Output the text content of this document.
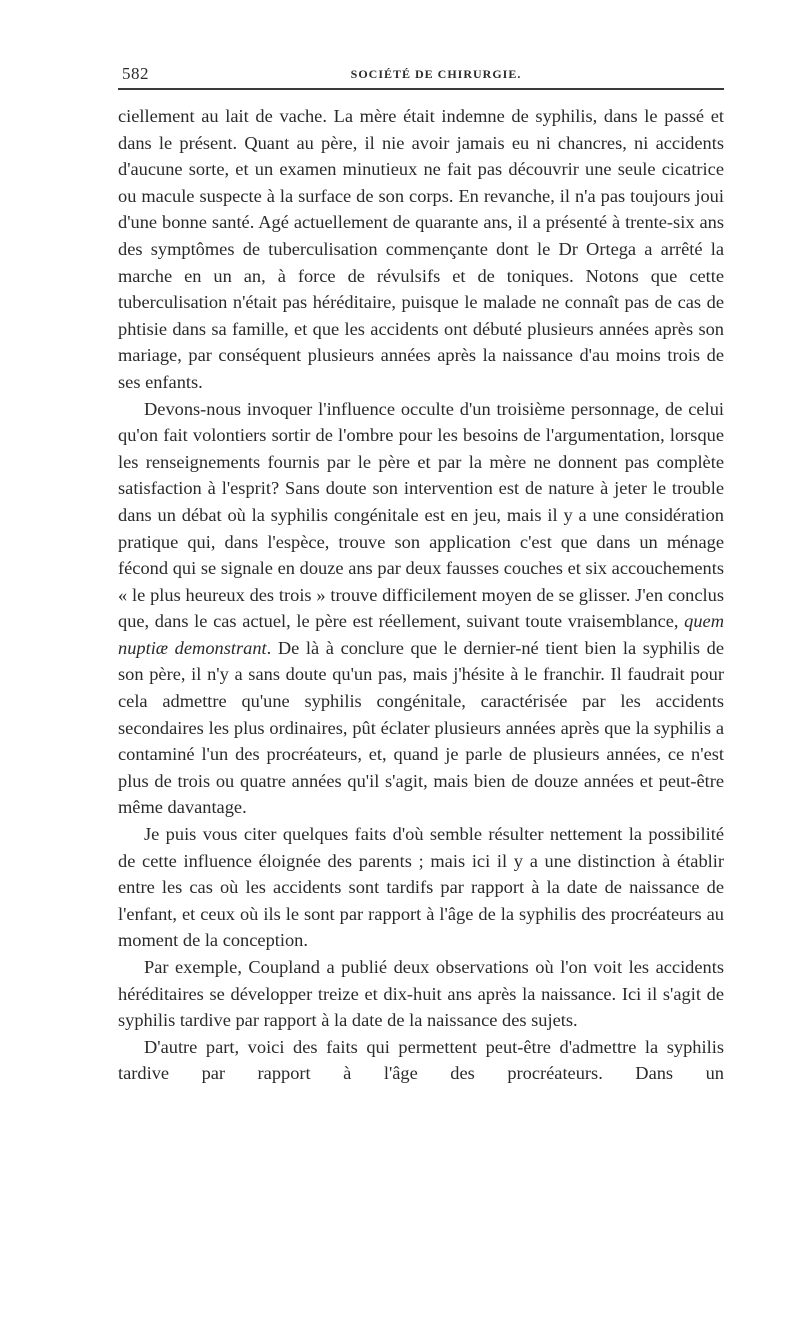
582	SOCIÉTÉ DE CHIRURGIE.

ciellement au lait de vache. La mère était indemne de syphilis, dans le passé et dans le présent. Quant au père, il nie avoir jamais eu ni chancres, ni accidents d'aucune sorte, et un examen minutieux ne fait pas découvrir une seule cicatrice ou macule suspecte à la surface de son corps. En revanche, il n'a pas toujours joui d'une bonne santé. Agé actuellement de quarante ans, il a présenté à trente-six ans des symptômes de tuberculisation commençante dont le Dr Ortega a arrêté la marche en un an, à force de révulsifs et de toniques. Notons que cette tuberculisation n'était pas héréditaire, puisque le malade ne connaît pas de cas de phtisie dans sa famille, et que les accidents ont débuté plusieurs années après son mariage, par conséquent plusieurs années après la naissance d'au moins trois de ses enfants.

Devons-nous invoquer l'influence occulte d'un troisième personnage, de celui qu'on fait volontiers sortir de l'ombre pour les besoins de l'argumentation, lorsque les renseignements fournis par le père et par la mère ne donnent pas complète satisfaction à l'esprit? Sans doute son intervention est de nature à jeter le trouble dans un débat où la syphilis congénitale est en jeu, mais il y a une considération pratique qui, dans l'espèce, trouve son application c'est que dans un ménage fécond qui se signale en douze ans par deux fausses couches et six accouchements « le plus heureux des trois » trouve difficilement moyen de se glisser. J'en conclus que, dans le cas actuel, le père est réellement, suivant toute vraisemblance, quem nuptiæ demonstrant. De là à conclure que le dernier-né tient bien la syphilis de son père, il n'y a sans doute qu'un pas, mais j'hésite à le franchir. Il faudrait pour cela admettre qu'une syphilis congénitale, caractérisée par les accidents secondaires les plus ordinaires, pût éclater plusieurs années après que la syphilis a contaminé l'un des procréateurs, et, quand je parle de plusieurs années, ce n'est plus de trois ou quatre années qu'il s'agit, mais bien de douze années et peut-être même davantage.

Je puis vous citer quelques faits d'où semble résulter nettement la possibilité de cette influence éloignée des parents ; mais ici il y a une distinction à établir entre les cas où les accidents sont tardifs par rapport à la date de naissance de l'enfant, et ceux où ils le sont par rapport à l'âge de la syphilis des procréateurs au moment de la conception.

Par exemple, Coupland a publié deux observations où l'on voit les accidents héréditaires se développer treize et dix-huit ans après la naissance. Ici il s'agit de syphilis tardive par rapport à la date de la naissance des sujets.

D'autre part, voici des faits qui permettent peut-être d'admettre la syphilis tardive par rapport à l'âge des procréateurs. Dans un
